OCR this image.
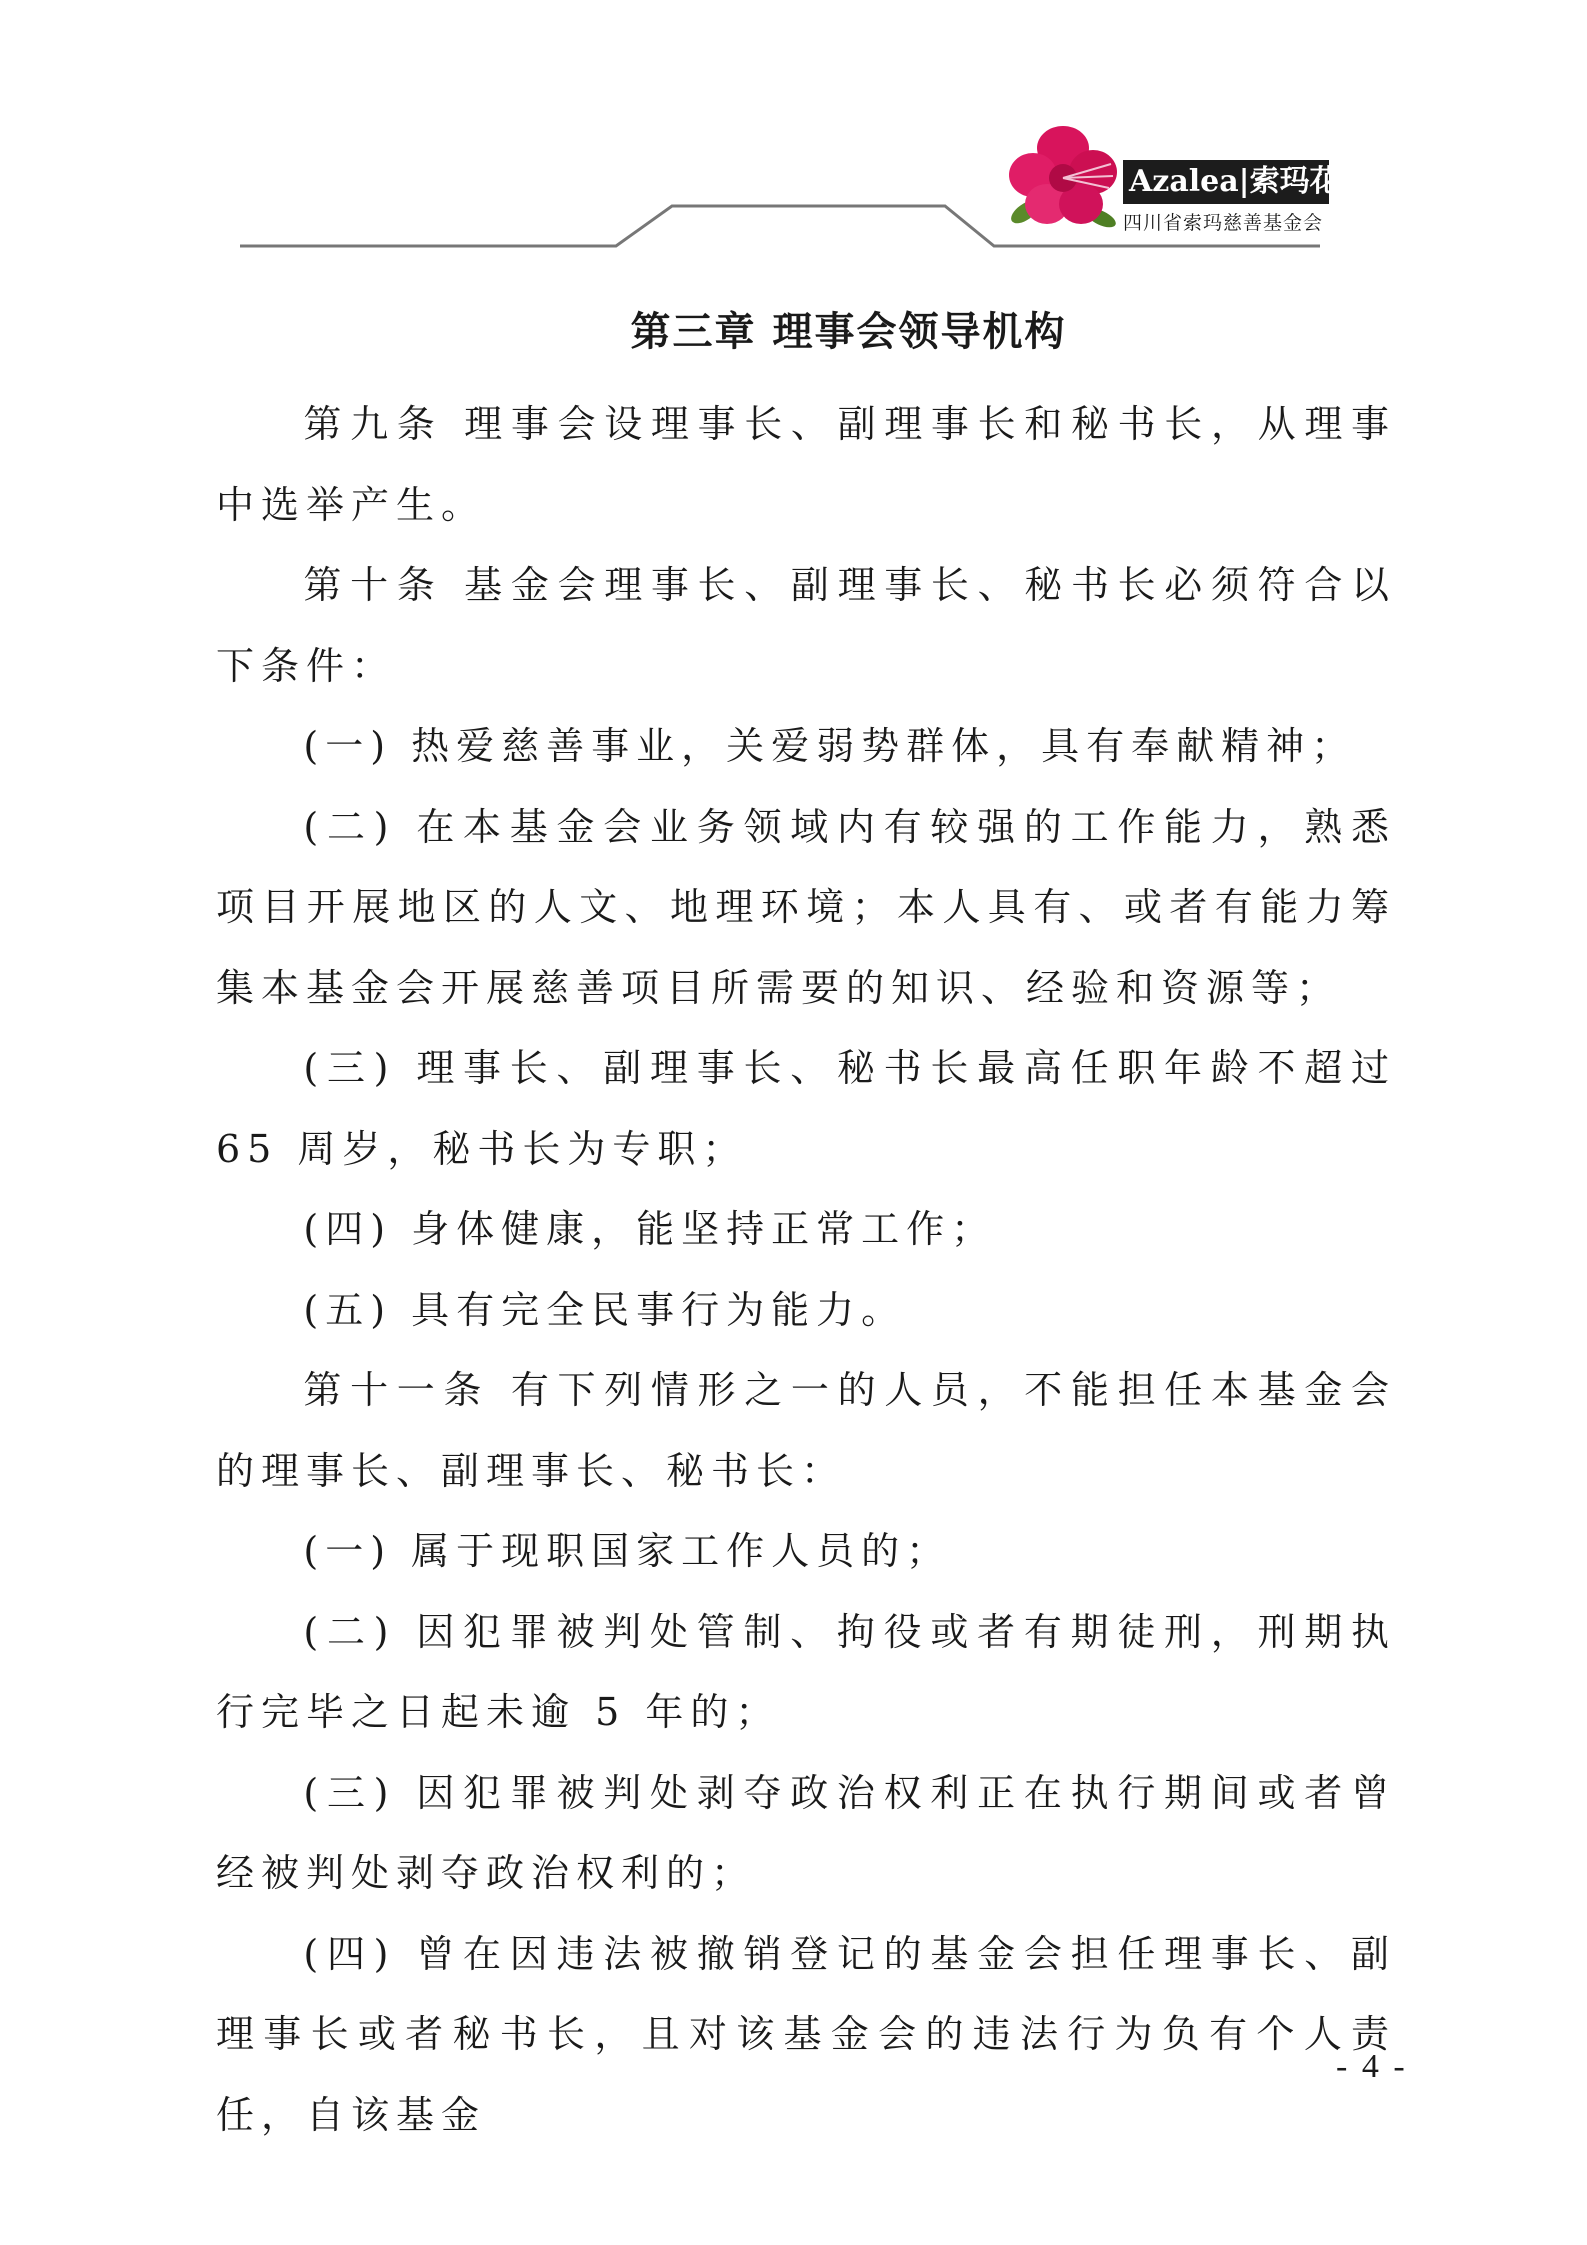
Azalea|索玛花
四川省索玛慈善基金会
第三章 理事会领导机构

第九条 理事会设理事长、副理事长和秘书长，从理事中选举产生。

第十条 基金会理事长、副理事长、秘书长必须符合以下条件：

(一) 热爱慈善事业，关爱弱势群体，具有奉献精神；

(二) 在本基金会业务领域内有较强的工作能力，熟悉项目开展地区的人文、地理环境；本人具有、或者有能力筹集本基金会开展慈善项目所需要的知识、经验和资源等；

(三) 理事长、副理事长、秘书长最高任职年龄不超过 65 周岁，秘书长为专职；

(四) 身体健康，能坚持正常工作；

(五) 具有完全民事行为能力。

第十一条 有下列情形之一的人员，不能担任本基金会的理事长、副理事长、秘书长：

(一) 属于现职国家工作人员的；

(二) 因犯罪被判处管制、拘役或者有期徒刑，刑期执行完毕之日起未逾 5 年的；

(三) 因犯罪被判处剥夺政治权利正在执行期间或者曾经被判处剥夺政治权利的；

(四) 曾在因违法被撤销登记的基金会担任理事长、副理事长或者秘书长，且对该基金会的违法行为负有个人责任，自该基金

- 4 -
